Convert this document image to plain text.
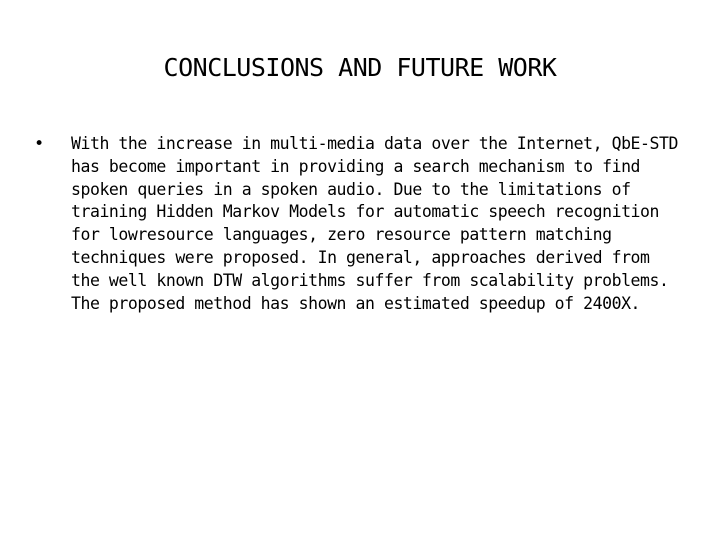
CONCLUSIONS AND FUTURE WORK
• With the increase in multi-media data over the Internet, QbE-STD
has become important in providing a search mechanism to find
spoken queries in a spoken audio. Due to the limitations of
training Hidden Markov Models for automatic speech recognition
for lowresource languages, zero resource pattern matching
techniques were proposed. In general, approaches derived from
the well known DTW algorithms suffer from scalability problems.
The proposed method has shown an estimated speedup of 2400X.
